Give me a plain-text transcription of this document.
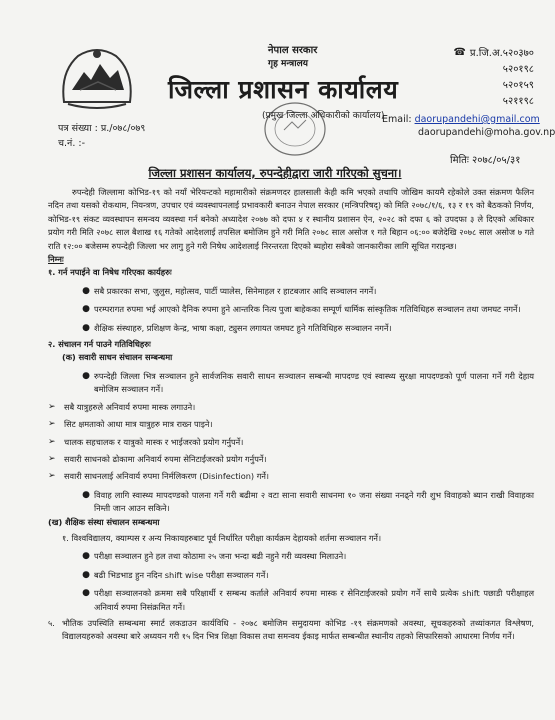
नेपाल सरकार
गृह मन्त्रालय
जिल्ला प्रशासन कार्यालय
(प्रमुख जिल्ला अधिकारीको कार्यालय)
☎ प्र.जि.अ.५२०३७०
५२०१९८
५२०१५९
५२११९८
Email: daorupandehi@gmail.com
daorupandehi@moha.gov.np
पत्र संख्या : प्र./०७८/०७९
च.नं. :-
मितिः २०७८/०५/३१
जिल्ला प्रशासन कार्यालय, रुपन्देहीद्वारा जारी गरिएको सुचना।

रुपन्देही जिल्लामा कोभिड-१९ को नयाँ भेरियन्टको महामारीको संक्रमणदर हालसाली केही कमि भएको तथापि जोखिम कायमै रहेकोले उक्त संक्रमण फैलिन नदिन तथा यसको रोकथाम, नियन्त्रण, उपचार एवं व्यवस्थापनलाई प्रभावकारी बनाउन नेपाल सरकार (मन्त्रिपरिषद्) को मिति २०७८/१/६, १३ र १९ को बैठकको निर्णय, कोभिड-१९ संकट व्यवस्थापन समन्वय व्यवस्था गर्न बनेको अध्यादेश २०७७ को दफा ४ र स्थानीय प्रशासन ऐन, २०२८ को दफा ६ को उपदफा ३ ले दिएको अधिकार प्रयोग गरी मिति २०७८ साल बैशाख १६ गतेको आदेशलाई तपसिल बमोजिम हुने गरी मिति २०७८ साल असोज १ गते बिहान ०६:०० बजेदेखि २०७८ साल असोज ७ गते राति १२:०० बजेसम्म रुपन्देही जिल्ला भर लागु हुने गरी निषेध आदेशलाई निरन्तरता दिएको ब्यहोरा सबैको जानकारीका लागि सूचित गराइन्छ।

निम्नः

१. गर्न नपाईने वा निषेध गरिएका कार्यहरुः

● सबै प्रकारका सभा, जुलुस, महोत्सव, पार्टी प्यालेस, सिनेमाहल र हाटबजार आदि सञ्चालन नगर्ने।
● परम्परागत रुपमा भई आएको दैनिक रुपमा हुने आन्तरिक नित्य पुजा बाहेकका सम्पूर्ण धार्मिक सांस्कृतिक गतिविधिहरु सञ्चालन तथा जमघट नगर्ने।
● शैक्षिक संस्थाहरु, प्रशिक्षण केन्द्र, भाषा कक्षा, ट्युसन लगायत जमघट हुने गतिविधिहरु सञ्चालन नगर्ने।

२. संचालन गर्न पाउने गतिविधिहरुः

(क) सवारी साधन संचालन सम्बन्धमा

● रुपन्देही जिल्ला भित्र सञ्चालन हुने सार्वजनिक सवारी साधन सञ्चालन सम्बन्धी मापदण्ड एवं स्वास्थ्य सुरक्षा मापदण्डको पूर्ण पालना गर्ने गरी देहाय बमोजिम सञ्चालन गर्ने।
➢	सबै यात्रुहरुले अनिवार्य रुपमा मास्क लगाउने।
➢	सिट क्षमताको आधा मात्र यात्रुहरु मात्र राख्न पाइने।
➢	चालक सहचालक र यात्रुको मास्क र भाईजरको प्रयोग गर्नुपर्ने।
➢	सवारी साधनको ढोकामा अनिवार्य रुपमा सेनिटाईजरको प्रयोग गर्नुपर्ने।
➢	सवारी साधनलाई अनिवार्य रुपमा निर्मलिकरण (Disinfection) गर्ने।
● विवाह लागि स्वास्थ्य मापदण्डको पालना गर्ने गरी बढीमा २ वटा साना सवारी साधनमा १० जना संख्या ननढ्ने गरी शुभ विवाहको ब्यान राखी विवाहका निम्ती जान आउन सकिने।

(ख) शैक्षिक संस्था संचालन सम्बन्धमा

१. विश्वविद्यालय, क्याम्पस र अन्य निकायहरुबाट पूर्व निर्धारित परीक्षा कार्यक्रम देहायको शर्तमा सञ्चालन गर्ने।

● परीक्षा सञ्चालन हुने हल तथा कोठामा २५ जना भन्दा बढी नहुने गरी व्यवस्था मिलाउने।
● बढी भिडभाड हुन नदिन shift wise परीक्षा सञ्चालन गर्ने।
● परीक्षा सञ्चालनको क्रममा सबै परिक्षार्थी र सम्बन्ध कर्ताले अनिवार्य रुपमा मास्क र सेनिटाईजरको प्रयोग गर्ने साथै प्रत्येक shift पछाडी परीक्षाहल अनिवार्य रुपमा निसंक्रमित गर्ने।
५. भौतिक उपस्थिति सम्बन्धमा स्मार्ट लकडाउन कार्यविधि - २०७८ बमोजिम समुदायमा कोभिड -१९ संक्रमणको अवस्था, सूचकहरुको तथ्यांकगत विश्लेषण, विद्यालयहरुको अवस्था बारे अध्ययन गरी १५ दिन भित्र शिक्षा विकास तथा समन्वय ईकाइ मार्फत सम्बन्धीत स्थानीय तहको सिफारिसको आधारमा निर्णय गर्ने।
